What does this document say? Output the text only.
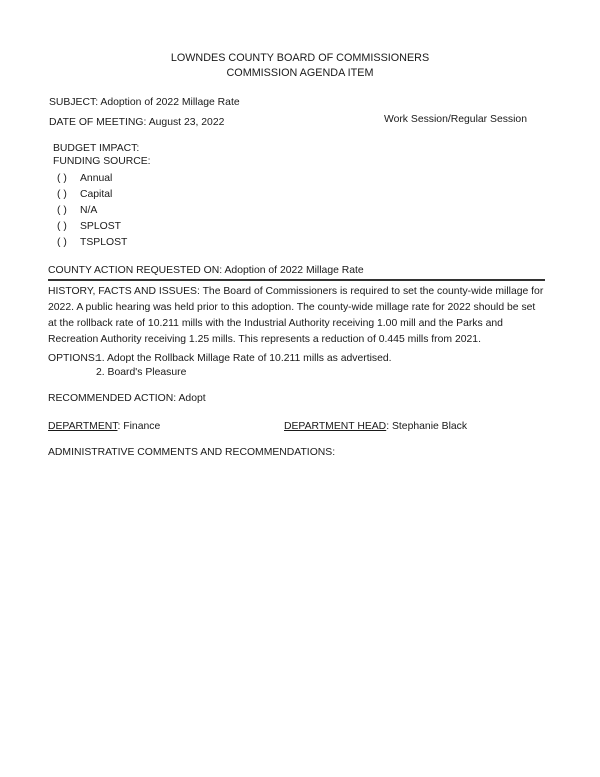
LOWNDES COUNTY BOARD OF COMMISSIONERS
COMMISSION AGENDA ITEM
SUBJECT: Adoption of 2022 Millage Rate
DATE OF MEETING: August 23, 2022	Work Session/Regular Session
BUDGET IMPACT:
FUNDING SOURCE:
( ) Annual
( ) Capital
( ) N/A
( ) SPLOST
( ) TSPLOST
COUNTY ACTION REQUESTED ON: Adoption of 2022 Millage Rate
HISTORY, FACTS AND ISSUES: The Board of Commissioners is required to set the county-wide millage for
2022. A public hearing was held prior to this adoption. The county-wide millage rate for 2022 should be set
at the rollback rate of 10.211 mills with the Industrial Authority receiving 1.00 mill and the Parks and
Recreation Authority receiving 1.25 mills. This represents a reduction of 0.445 mills from 2021.
OPTIONS:
1. Adopt the Rollback Millage Rate of 10.211 mills as advertised.
2. Board's Pleasure
RECOMMENDED ACTION: Adopt
DEPARTMENT: Finance	DEPARTMENT HEAD: Stephanie Black
ADMINISTRATIVE COMMENTS AND RECOMMENDATIONS:
